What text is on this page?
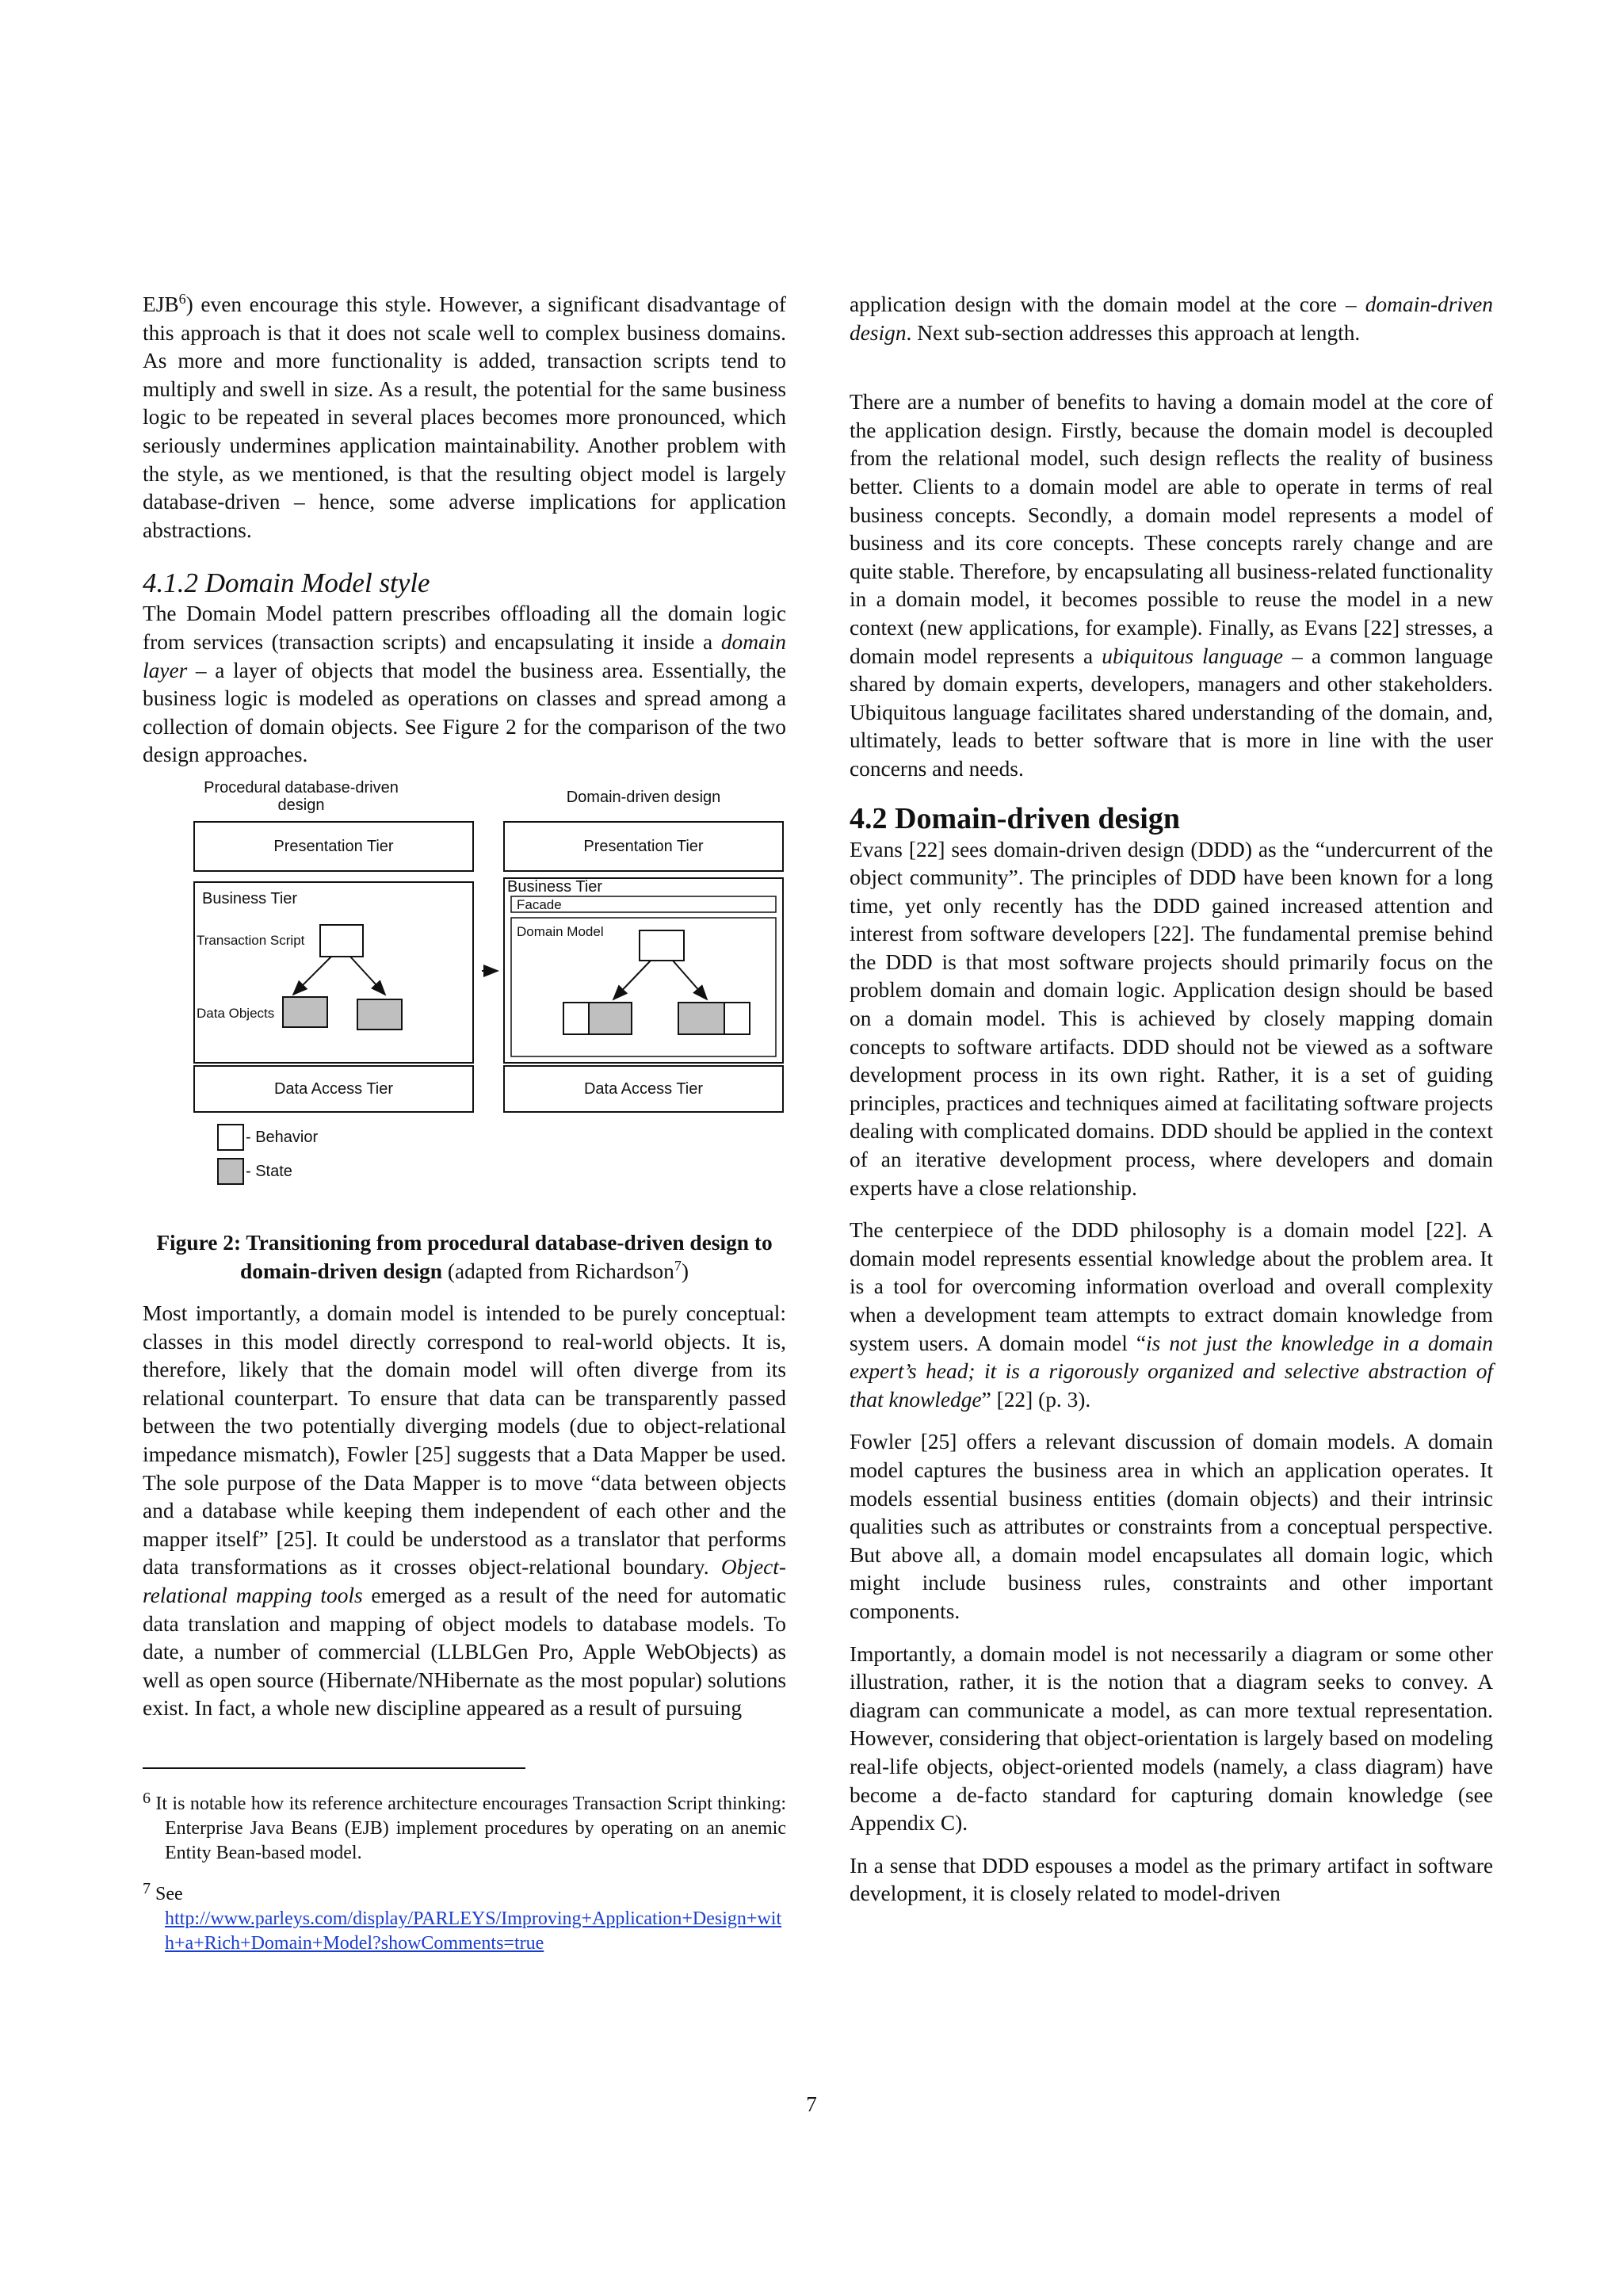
EJB$^6$) even encourage this style. However, a significant disadvantage of this approach is that it does not scale well to complex business domains. As more and more functionality is added, transaction scripts tend to multiply and swell in size. As a result, the potential for the same business logic to be repeated in several places becomes more pronounced, which seriously undermines application maintainability. Another problem with the style, as we mentioned, is that the resulting object model is largely database-driven – hence, some adverse implications for application abstractions.

4.1.2 Domain Model style

The Domain Model pattern prescribes offloading all the domain logic from services (transaction scripts) and encapsulating it inside a domain layer – a layer of objects that model the business area. Essentially, the business logic is modeled as operations on classes and spread among a collection of domain objects. See Figure 2 for the comparison of the two design approaches.

Procedural database-driven design	Domain-driven design
Presentation Tier	Presentation Tier
Business Tier
Transaction Script
Data Objects
Business Tier
Facade
Domain Model
Data Access Tier	Data Access Tier
- Behavior
- State

Figure 2: Transitioning from procedural database-driven design to domain-driven design (adapted from Richardson$^7$)

Most importantly, a domain model is intended to be purely conceptual: classes in this model directly correspond to real-world objects. It is, therefore, likely that the domain model will often diverge from its relational counterpart. To ensure that data can be transparently passed between the two potentially diverging models (due to object-relational impedance mismatch), Fowler [25] suggests that a Data Mapper be used. The sole purpose of the Data Mapper is to move “data between objects and a database while keeping them independent of each other and the mapper itself” [25]. It could be understood as a translator that performs data transformations as it crosses object-relational boundary. Object-relational mapping tools emerged as a result of the need for automatic data translation and mapping of object models to database models. To date, a number of commercial (LLBLGen Pro, Apple WebObjects) as well as open source (Hibernate/NHibernate as the most popular) solutions exist. In fact, a whole new discipline appeared as a result of pursuing

$^6$ It is notable how its reference architecture encourages Transaction Script thinking: Enterprise Java Beans (EJB) implement procedures by operating on an anemic Entity Bean-based model.

$^7$ See
http://www.parleys.com/display/PARLEYS/Improving+Application+Design+with+a+Rich+Domain+Model?showComments=true

application design with the domain model at the core – domain-driven design. Next sub-section addresses this approach at length.

There are a number of benefits to having a domain model at the core of the application design. Firstly, because the domain model is decoupled from the relational model, such design reflects the reality of business better. Clients to a domain model are able to operate in terms of real business concepts. Secondly, a domain model represents a model of business and its core concepts. These concepts rarely change and are quite stable. Therefore, by encapsulating all business-related functionality in a domain model, it becomes possible to reuse the model in a new context (new applications, for example). Finally, as Evans [22] stresses, a domain model represents a ubiquitous language – a common language shared by domain experts, developers, managers and other stakeholders. Ubiquitous language facilitates shared understanding of the domain, and, ultimately, leads to better software that is more in line with the user concerns and needs.

4.2 Domain-driven design

Evans [22] sees domain-driven design (DDD) as the “undercurrent of the object community”. The principles of DDD have been known for a long time, yet only recently has the DDD gained increased attention and interest from software developers [22]. The fundamental premise behind the DDD is that most software projects should primarily focus on the problem domain and domain logic. Application design should be based on a domain model. This is achieved by closely mapping domain concepts to software artifacts. DDD should not be viewed as a software development process in its own right. Rather, it is a set of guiding principles, practices and techniques aimed at facilitating software projects dealing with complicated domains. DDD should be applied in the context of an iterative development process, where developers and domain experts have a close relationship.

The centerpiece of the DDD philosophy is a domain model [22]. A domain model represents essential knowledge about the problem area. It is a tool for overcoming information overload and overall complexity when a development team attempts to extract domain knowledge from system users. A domain model “is not just the knowledge in a domain expert’s head; it is a rigorously organized and selective abstraction of that knowledge” [22] (p. 3).

Fowler [25] offers a relevant discussion of domain models. A domain model captures the business area in which an application operates. It models essential business entities (domain objects) and their intrinsic qualities such as attributes or constraints from a conceptual perspective. But above all, a domain model encapsulates all domain logic, which might include business rules, constraints and other important components.

Importantly, a domain model is not necessarily a diagram or some other illustration, rather, it is the notion that a diagram seeks to convey. A diagram can communicate a model, as can more textual representation. However, considering that object-orientation is largely based on modeling real-life objects, object-oriented models (namely, a class diagram) have become a de-facto standard for capturing domain knowledge (see Appendix C).

In a sense that DDD espouses a model as the primary artifact in software development, it is closely related to model-driven

7
